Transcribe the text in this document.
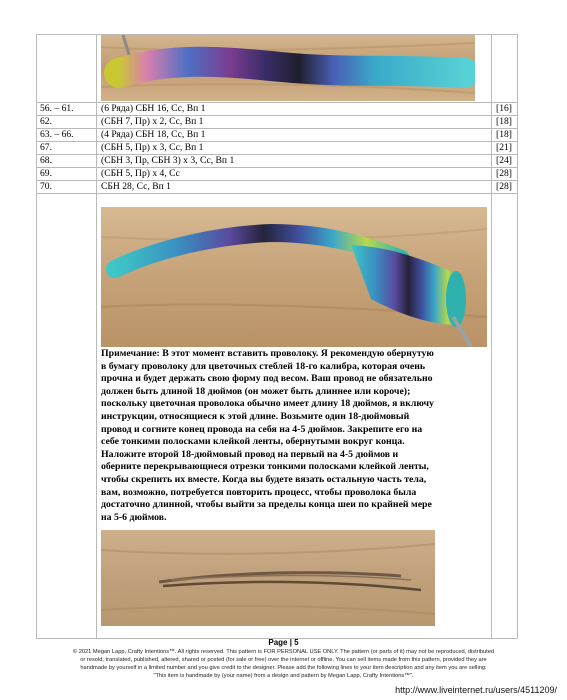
56. – 61.	(6 Ряда) СБН 16, Сс, Вп 1	[16]
62.	(СБН 7, Пр) х 2, Сс, Вп 1	[18]
63. – 66.	(4 Ряда) СБН 18, Сс, Вп 1	[18]
67.	(СБН 5, Пр) х 3, Сс, Вп 1	[21]
68.	(СБН 3, Пр, СБН 3) х 3, Сс, Вп 1	[24]
69.	(СБН 5, Пр) х 4, Сс	[28]
70.	СБН 28, Сс, Вп 1	[28]
Примечание: В этот момент вставить проволоку. Я рекомендую обернутую
в бумагу проволоку для цветочных стеблей 18-го калибра, которая очень
прочна и будет держать свою форму под весом. Ваш провод не обязательно
должен быть длиной 18 дюймов (он может быть длиннее или короче);
поскольку цветочная проволока обычно имеет длину 18 дюймов, я включу
инструкции, относящиеся к этой длине. Возьмите один 18-дюймовый
провод и согните конец провода на себя на 4-5 дюймов. Закрепите его на
себе тонкими полосками клейкой ленты, обернутыми вокруг конца.
Наложите второй 18-дюймовый провод на первый на 4-5 дюймов и
оберните перекрывающиеся отрезки тонкими полосками клейкой ленты,
чтобы скрепить их вместе. Когда вы будете вязать остальную часть тела,
вам, возможно, потребуется повторить процесс, чтобы проволока была
достаточно длинной, чтобы выйти за пределы конца шеи по крайней мере
на 5-6 дюймов.
Page | 5
© 2021 Megan Lapp, Crafty Intentions™. All rights reserved. This pattern is FOR PERSONAL USE ONLY. The pattern (or parts of it) may not be reproduced, distributed
or resold, translated, published, altered, shared or posted (for sale or free) over the internet or offline. You can sell items made from this pattern, provided they are
handmade by yourself in a limited number and you give credit to the designer. Please add the following lines to your item description and any item you are selling:
"This item is handmade by (your name) from a design and pattern by Megan Lapp, Crafty Intentions™".
http://www.liveinternet.ru/users/4511209/
